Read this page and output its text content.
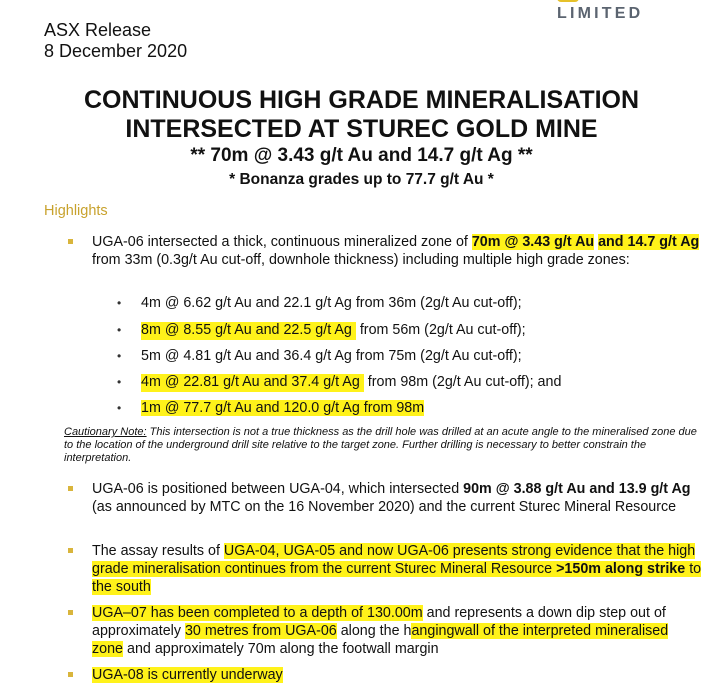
LIMITED
ASX Release
8 December 2020
CONTINUOUS HIGH GRADE MINERALISATION
INTERSECTED AT STUREC GOLD MINE
** 70m @ 3.43 g/t Au and 14.7 g/t Ag **
* Bonanza grades up to 77.7 g/t Au *
Highlights
UGA-06 intersected a thick, continuous mineralized zone of 70m @ 3.43 g/t Au and 14.7 g/t Ag from 33m (0.3g/t Au cut-off, downhole thickness) including multiple high grade zones:
• 4m @ 6.62 g/t Au and 22.1 g/t Ag from 36m (2g/t Au cut-off);
• 8m @ 8.55 g/t Au and 22.5 g/t Ag from 56m (2g/t Au cut-off);
• 5m @ 4.81 g/t Au and 36.4 g/t Ag from 75m (2g/t Au cut-off);
• 4m @ 22.81 g/t Au and 37.4 g/t Ag from 98m (2g/t Au cut-off); and
• 1m @ 77.7 g/t Au and 120.0 g/t Ag from 98m
Cautionary Note: This intersection is not a true thickness as the drill hole was drilled at an acute angle to the mineralised zone due to the location of the underground drill site relative to the target zone. Further drilling is necessary to better constrain the interpretation.
UGA-06 is positioned between UGA-04, which intersected 90m @ 3.88 g/t Au and 13.9 g/t Ag (as announced by MTC on the 16 November 2020) and the current Sturec Mineral Resource
The assay results of UGA-04, UGA-05 and now UGA-06 presents strong evidence that the high grade mineralisation continues from the current Sturec Mineral Resource >150m along strike to the south
UGA–07 has been completed to a depth of 130.00m and represents a down dip step out of approximately 30 metres from UGA-06 along the hangingwall of the interpreted mineralised zone and approximately 70m along the footwall margin
UGA-08 is currently underway
